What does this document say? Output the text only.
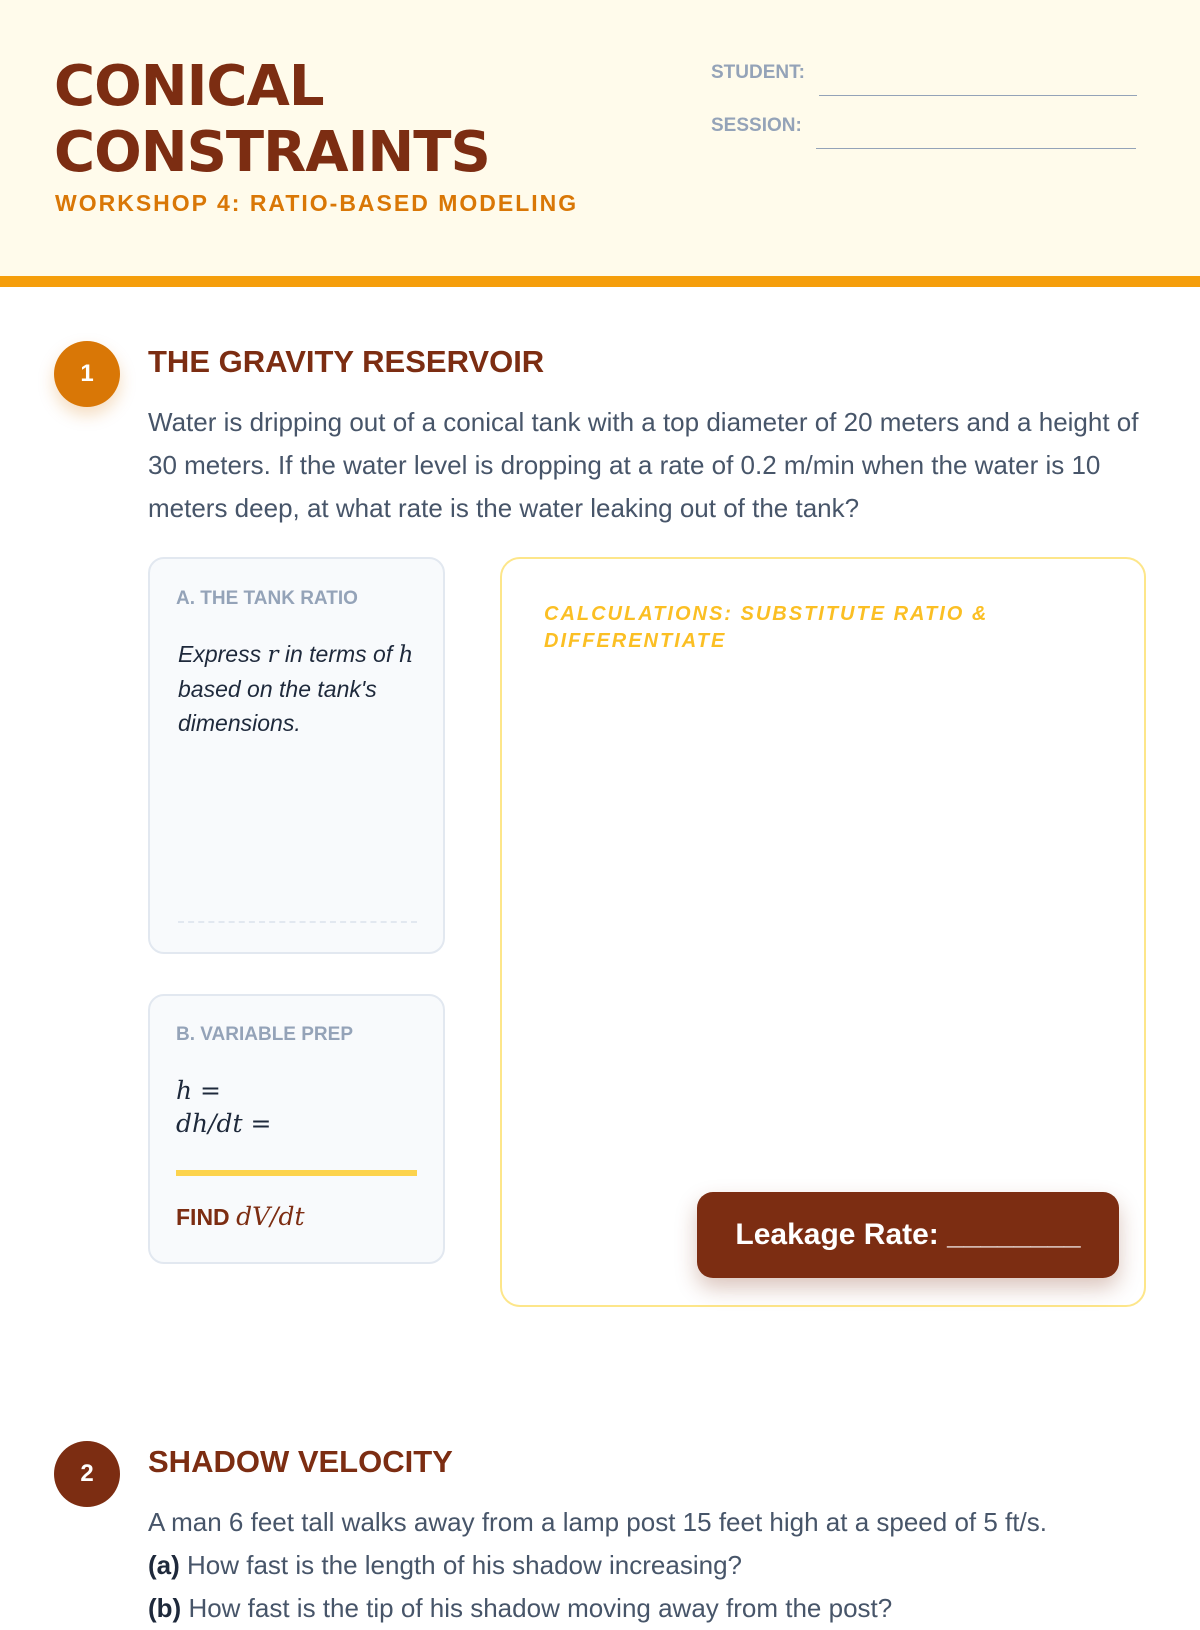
CONICAL
CONSTRAINTS
WORKSHOP 4: RATIO-BASED MODELING
STUDENT:
SESSION:
1	THE GRAVITY RESERVOIR
Water is dripping out of a conical tank with a top diameter of 20 meters and a height of 30 meters. If the water level is dropping at a rate of 0.2 m/min when the water is 10 meters deep, at what rate is the water leaking out of the tank?
A. THE TANK RATIO
Express r in terms of h based on the tank's dimensions.
B. VARIABLE PREP
h =
dh/dt =
FIND dV/dt
CALCULATIONS: SUBSTITUTE RATIO & DIFFERENTIATE
Leakage Rate: ________
2	SHADOW VELOCITY
A man 6 feet tall walks away from a lamp post 15 feet high at a speed of 5 ft/s.
(a) How fast is the length of his shadow increasing?
(b) How fast is the tip of his shadow moving away from the post?
